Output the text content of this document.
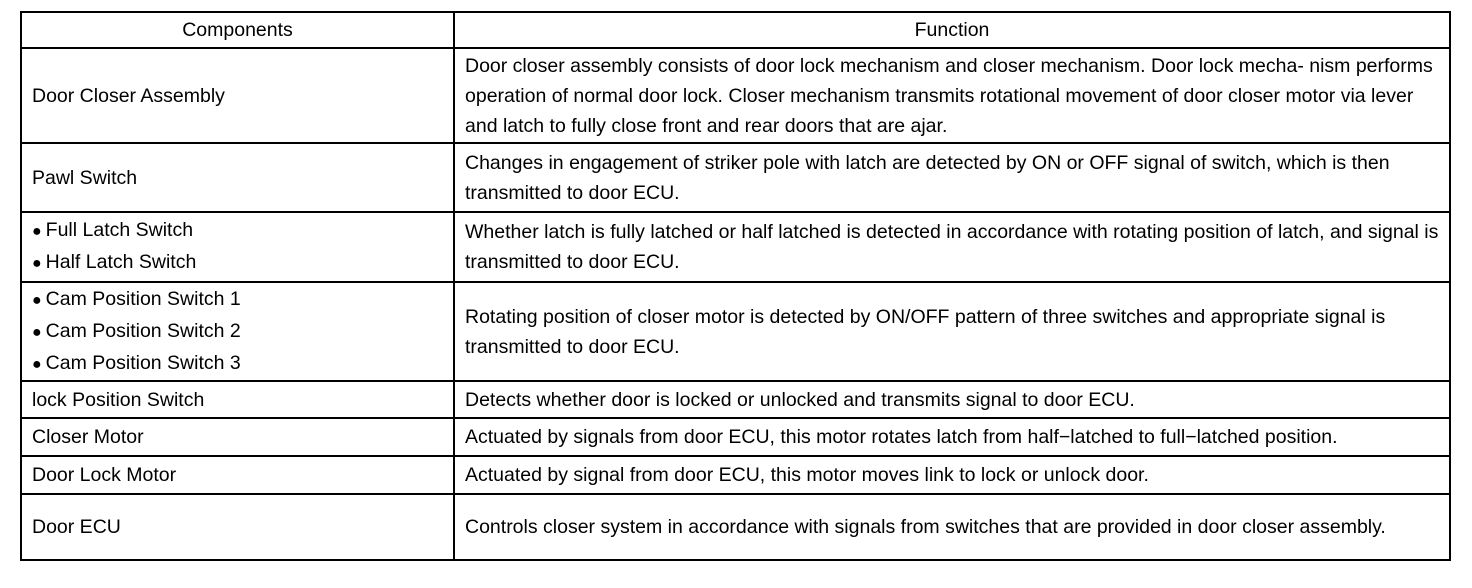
Components	Function

Door Closer Assembly	Door closer assembly consists of door lock mechanism and closer mechanism. Door lock mecha- nism performs operation of normal door lock. Closer mechanism transmits rotational movement of door closer motor via lever and latch to fully close front and rear doors that are ajar.

Pawl Switch	Changes in engagement of striker pole with latch are detected by ON or OFF signal of switch, which is then transmitted to door ECU.

● Full Latch Switch
● Half Latch Switch	Whether latch is fully latched or half latched is detected in accordance with rotating position of latch, and signal is transmitted to door ECU.

● Cam Position Switch 1
● Cam Position Switch 2
● Cam Position Switch 3	Rotating position of closer motor is detected by ON/OFF pattern of three switches and appropriate signal is transmitted to door ECU.

lock Position Switch	Detects whether door is locked or unlocked and transmits signal to door ECU.

Closer Motor	Actuated by signals from door ECU, this motor rotates latch from half−latched to full−latched position.

Door Lock Motor	Actuated by signal from door ECU, this motor moves link to lock or unlock door.

Door ECU	Controls closer system in accordance with signals from switches that are provided in door closer assembly.
